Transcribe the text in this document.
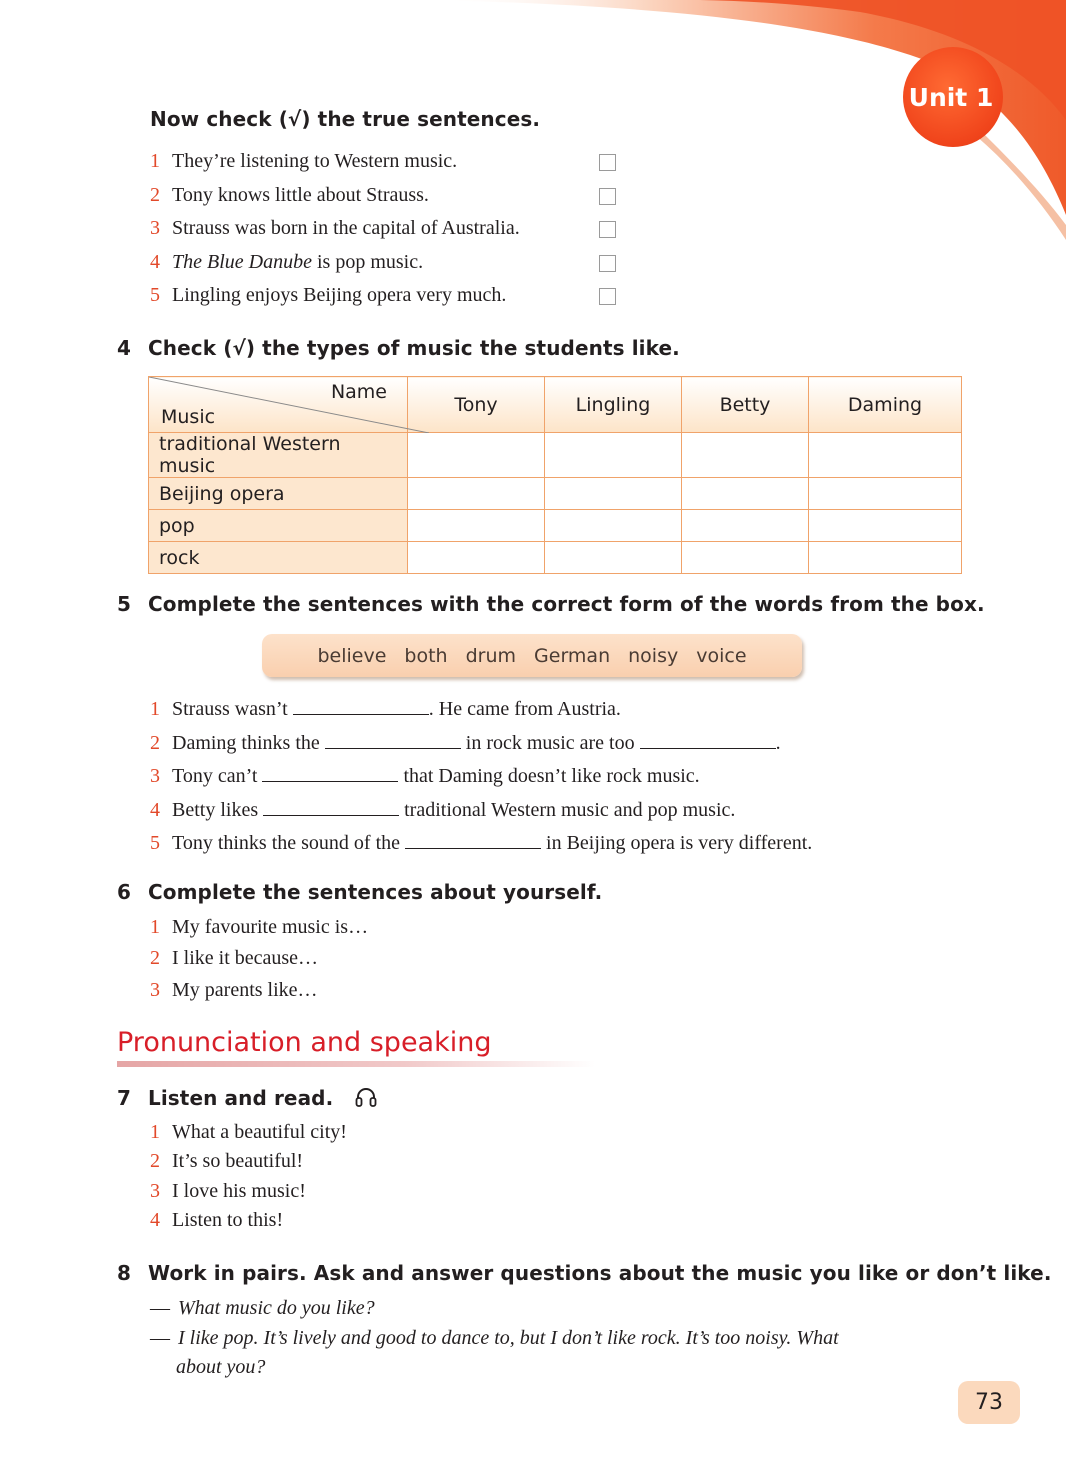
Unit 1
Now check (√) the true sentences.
1 They’re listening to Western music.
2 Tony knows little about Strauss.
3 Strauss was born in the capital of Australia.
4 The Blue Danube is pop music.
5 Lingling enjoys Beijing opera very much.
4 Check (√) the types of music the students like.
Name
Music	Tony	Lingling	Betty	Daming
traditional Western music				
Beijing opera				
pop				
rock				
5 Complete the sentences with the correct form of the words from the box.
believe both drum German noisy voice
1 Strauss wasn’t	. He came from Austria.
2 Daming thinks the	in rock music are too	.
3 Tony can’t	that Daming doesn’t like rock music.
4 Betty likes	traditional Western music and pop music.
5 Tony thinks the sound of the	in Beijing opera is very different.
6 Complete the sentences about yourself.
1 My favourite music is…
2 I like it because…
3 My parents like…
Pronunciation and speaking
7 Listen and read.
1 What a beautiful city!
2 It’s so beautiful!
3 I love his music!
4 Listen to this!
8 Work in pairs. Ask and answer questions about the music you like or don’t like.
— What music do you like?
— I like pop. It’s lively and good to dance to, but I don’t like rock. It’s too noisy. What
about you?
73
